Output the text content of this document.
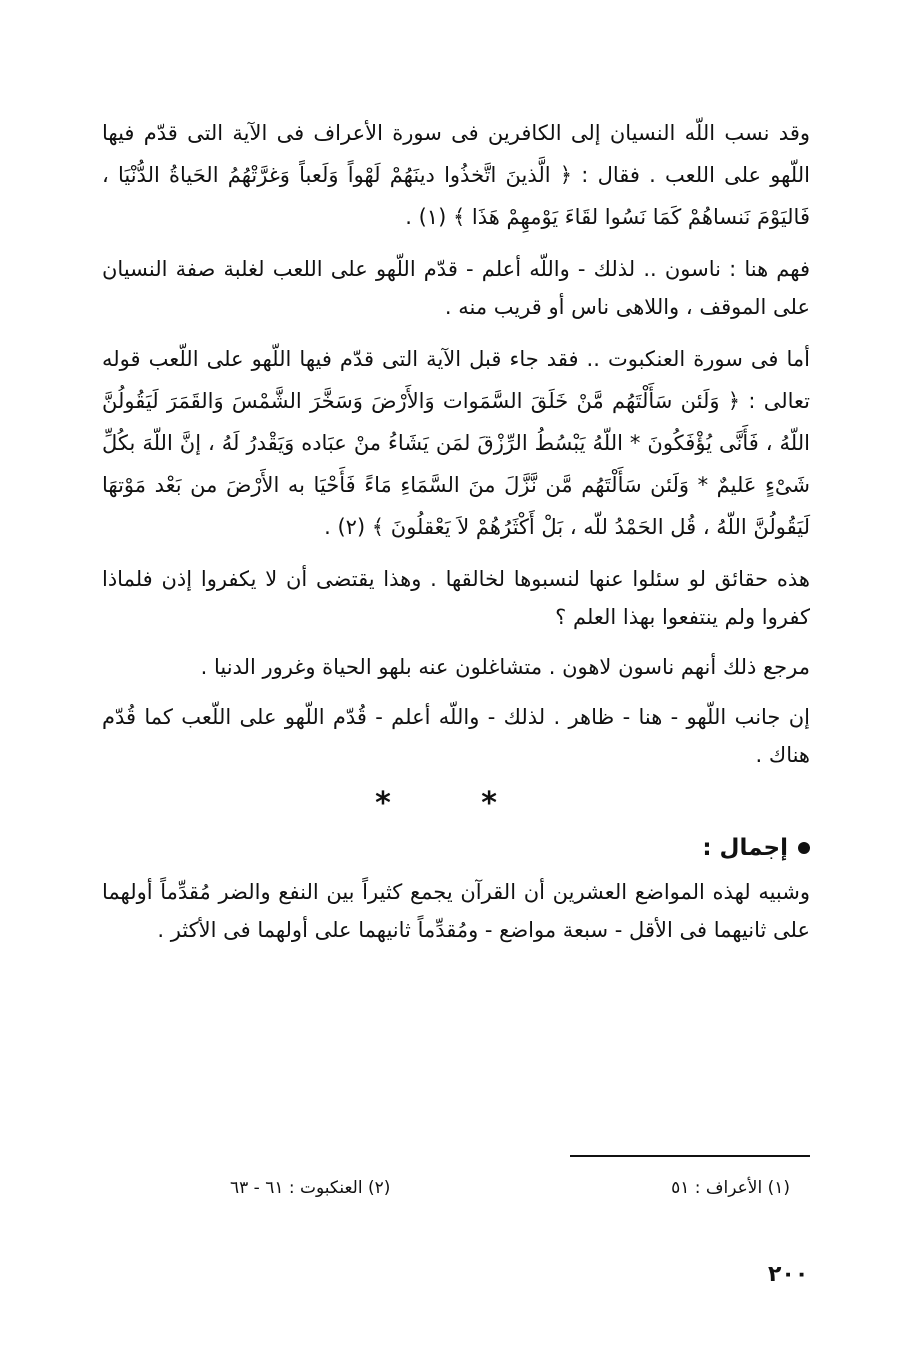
وقد نسب اللّه النسيان إلى الكافرين فى سورة الأعراف فى الآية التى قدّم فيها اللّهو على اللعب . فقال : ﴿ الَّذينَ اتَّخذُوا دينَهُمْ لَهْواً وَلَعباً وَغرَّتْهُمُ الحَياةُ الدُّنْيَا ، فَاليَوْمَ نَنساهُمْ كَمَا نَسُوا لقَاءَ يَوْمهِمْ هَذَا ﴾ (١) .

فهم هنا : ناسون .. لذلك - واللّه أعلم - قدّم اللّهو على اللعب لغلبة صفة النسيان على الموقف ، واللاهى ناس أو قريب منه .

أما فى سورة العنكبوت .. فقد جاء قبل الآية التى قدّم فيها اللّهو على اللّعب قوله تعالى : ﴿ وَلَئن سَأَلْتَهُم مَّنْ خَلَقَ السَّمَوات وَالأَرْضَ وَسَخَّرَ الشَّمْسَ وَالقَمَرَ لَيَقُولُنَّ اللّهُ ، فَأَنَّى يُؤْفَكُونَ * اللّهُ يَبْسُطُ الرِّزْقَ لمَن يَشَاءُ منْ عبَاده وَيَقْدرُ لَهُ ، إنَّ اللّهَ بكُلِّ شَىْءٍ عَليمٌ * وَلَئن سَأَلْتَهُم مَّن نَّزَّلَ منَ السَّمَاءِ مَاءً فَأَحْيَا به الأَرْضَ من بَعْد مَوْتهَا لَيَقُولُنَّ اللّهُ ، قُل الحَمْدُ للّه ، بَلْ أَكْثَرُهُمْ لاَ يَعْقلُونَ ﴾ (٢) .

هذه حقائق لو سئلوا عنها لنسبوها لخالقها . وهذا يقتضى أن لا يكفروا إذن فلماذا كفروا ولم ينتفعوا بهذا العلم ؟

مرجع ذلك أنهم ناسون لاهون . متشاغلون عنه بلهو الحياة وغرور الدنيا .

إن جانب اللّهو - هنا - ظاهر . لذلك - واللّه أعلم - قُدّم اللّهو على اللّعب كما قُدّم هناك .

* *
إجمال :

وشبيه لهذه المواضع العشرين أن القرآن يجمع كثيراً بين النفع والضر مُقدِّماً أولهما على ثانيهما فى الأقل - سبعة مواضع - ومُقدِّماً ثانيهما على أولهما فى الأكثر .

(١) الأعراف : ٥١
(٢) العنكبوت : ٦١ - ٦٣
٢٠٠
